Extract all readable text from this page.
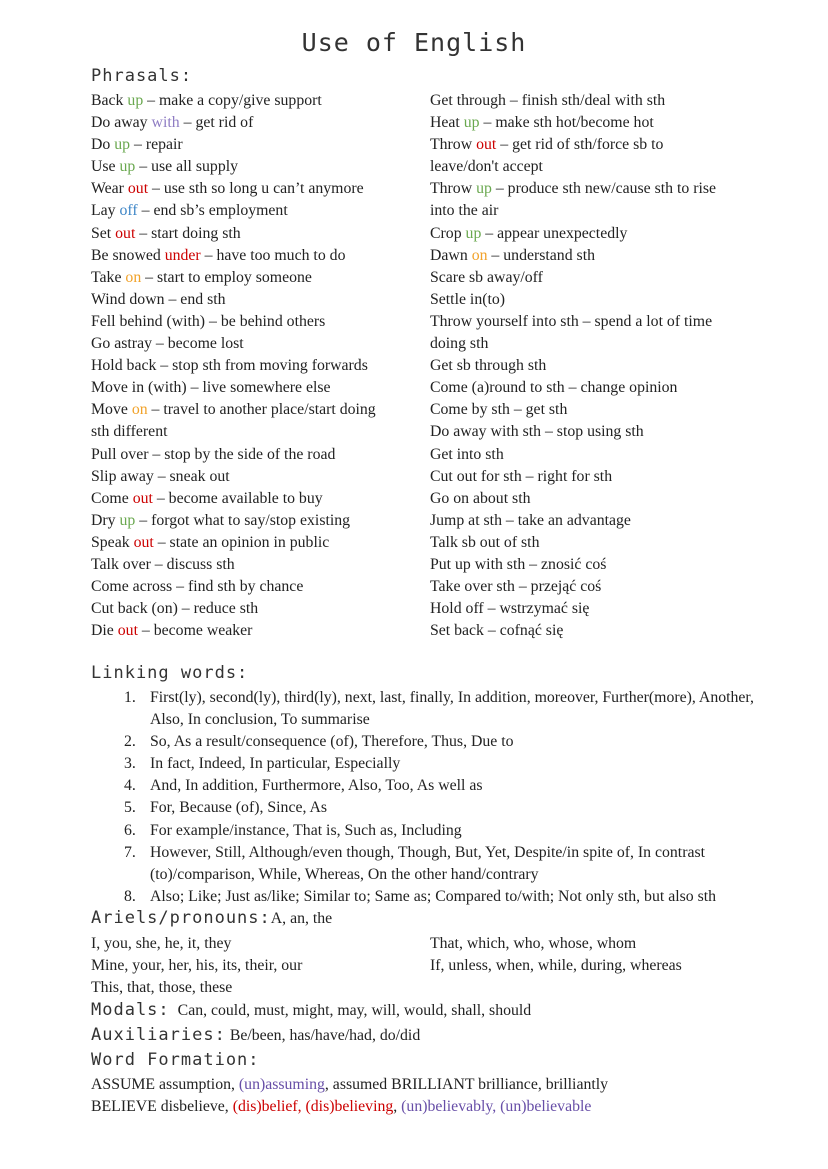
Use of English
Phrasals:
Back up – make a copy/give support
Do away with – get rid of
Do up – repair
Use up – use all supply
Wear out – use sth so long u can’t anymore
Lay off – end sb’s employment
Set out – start doing sth
Be snowed under – have too much to do
Take on – start to employ someone
Wind down – end sth
Fell behind (with) – be behind others
Go astray – become lost
Hold back – stop sth from moving forwards
Move in (with) – live somewhere else
Move on – travel to another place/start doing
sth different
Pull over – stop by the side of the road
Slip away – sneak out
Come out – become available to buy
Dry up – forgot what to say/stop existing
Speak out – state an opinion in public
Talk over – discuss sth
Come across – find sth by chance
Cut back (on) – reduce sth
Die out – become weaker
Get through – finish sth/deal with sth
Heat up – make sth hot/become hot
Throw out – get rid of sth/force sb to
leave/don't accept
Throw up – produce sth new/cause sth to rise
into the air
Crop up – appear unexpectedly
Dawn on – understand sth
Scare sb away/off
Settle in(to)
Throw yourself into sth – spend a lot of time
doing sth
Get sb through sth
Come (a)round to sth – change opinion
Come by sth – get sth
Do away with sth – stop using sth
Get into sth
Cut out for sth – right for sth
Go on about sth
Jump at sth – take an advantage
Talk sb out of sth
Put up with sth – znosić coś
Take over sth – przejąć coś
Hold off – wstrzymać się
Set back – cofnąć się
Linking words:
1. First(ly), second(ly), third(ly), next, last, finally, In addition, moreover, Further(more), Another, Also, In conclusion, To summarise
2. So, As a result/consequence (of), Therefore, Thus, Due to
3. In fact, Indeed, In particular, Especially
4. And, In addition, Furthermore, Also, Too, As well as
5. For, Because (of), Since, As
6. For example/instance, That is, Such as, Including
7. However, Still, Although/even though, Though, But, Yet, Despite/in spite of, In contrast (to)/comparison, While, Whereas, On the other hand/contrary
8. Also; Like; Just as/like; Similar to; Same as; Compared to/with; Not only sth, but also sth
Ariels/pronouns:A, an, the
I, you, she, he, it, they
Mine, your, her, his, its, their, our
This, that, those, these
That, which, who, whose, whom
If, unless, when, while, during, whereas
Modals: Can, could, must, might, may, will, would, shall, should
Auxiliaries: Be/been, has/have/had, do/did
Word Formation:
ASSUME assumption, (un)assuming, assumed BRILLIANT brilliance, brilliantly
BELIEVE disbelieve, (dis)belief, (dis)believing, (un)believably, (un)believable
